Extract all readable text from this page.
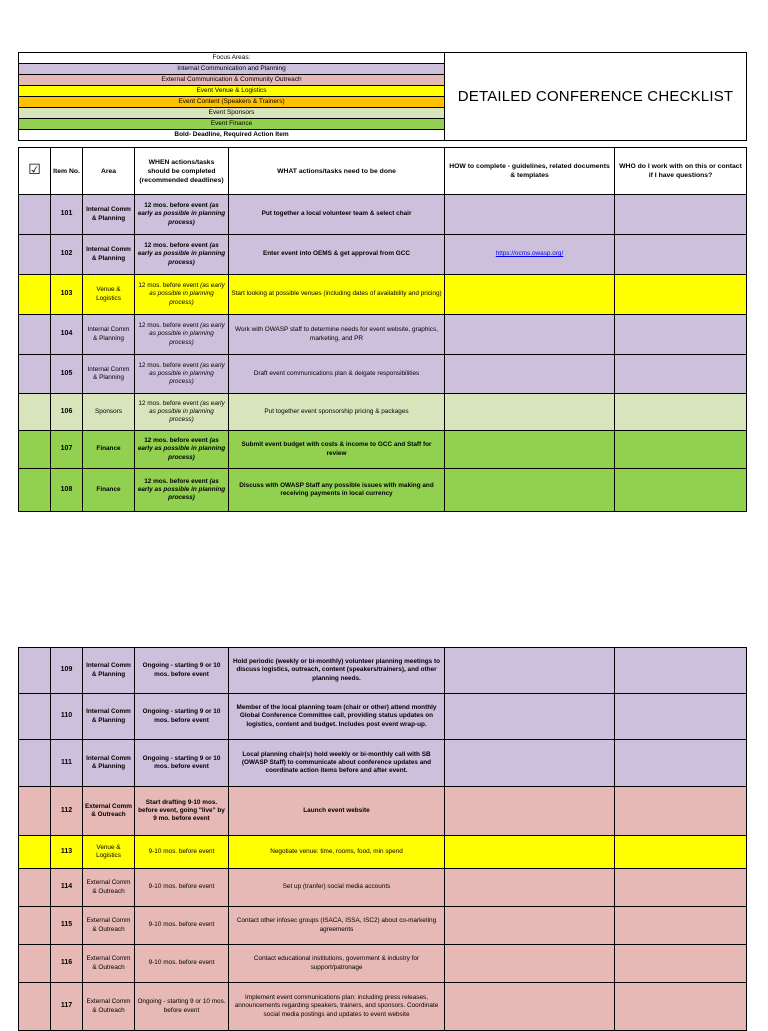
Focus Areas:	DETAILED CONFERENCE CHECKLIST
Internal Communication and Planning
External Communication & Community Outreach
Event Venue & Logistics
Event Content (Speakers & Trainers)
Event Sponsors
Event Finance
Bold- Deadline, Required Action Item
☑	Item No.	Area	WHEN actions/tasks should be completed (recommended deadlines)	WHAT actions/tasks need to be done	HOW to complete - guidelines, related documents & templates	WHO do I work with on this or contact if I have questions?
	101	Internal Comm & Planning	12 mos. before event (as early as possible in planning process)	Put together a local volunteer team & select chair		
	102	Internal Comm & Planning	12 mos. before event (as early as possible in planning process)	Enter event into OEMS & get approval from GCC	https://ocms.owasp.org/	
	103	Venue & Logistics	12 mos. before event (as early as possible in planning process)	Start looking at possible venues (including dates of availability and pricing)		
	104	Internal Comm & Planning	12 mos. before event (as early as possible in planning process)	Work with OWASP staff to determine needs for event website, graphics, marketing, and PR		
	105	Internal Comm & Planning	12 mos. before event (as early as possible in planning process)	Draft event communications plan & deigate responsibilities		
	106	Sponsors	12 mos. before event (as early as possible in planning process)	Put together event sponsorship pricing & packages		
	107	Finance	12 mos. before event (as early as possible in planning process)	Submit event budget with costs & income to GCC and Staff for review		
	108	Finance	12 mos. before event (as early as possible in planning process)	Discuss with OWASP Staff any possible issues with making and receiving payments in local currency		
	109	Internal Comm & Planning	Ongoing - starting 9 or 10 mos. before event	Hold periodic (weekly or bi-monthly) volunteer planning meetings to discuss logistics, outreach, content (speakers/trainers), and other planning needs.		
	110	Internal Comm & Planning	Ongoing - starting 9 or 10 mos. before event	Member of the local planning team (chair or other) attend monthly Global Conference Committee call, providing status updates on logistics, content and budget. Includes post event wrap-up.		
	111	Internal Comm & Planning	Ongoing - starting 9 or 10 mos. before event	Local planning chair(s) hold weekly or bi-monthly call with SB (OWASP Staff) to communicate about conference updates and coordinate action items before and after event.		
	112	External Comm & Outreach	Start drafting 9-10 mos. before event, going "live" by 9 mo. before event	Launch event website		
	113	Venue & Logistics	9-10 mos. before event	Negotiate venue: time, rooms, food, min spend		
	114	External Comm & Outreach	9-10 mos. before event	Set up (tranfer) social media accounts		
	115	External Comm & Outreach	9-10 mos. before event	Contact other infosec groups (ISACA, ISSA, ISC2) about co-marketing agreements		
	116	External Comm & Outreach	9-10 mos. before event	Contact educational institutions, government & industry for support/patronage		
	117	External Comm & Outreach	Ongoing - starting 9 or 10 mos. before event	Implement event communications plan: including press releases, announcements regarding speakers, trainers, and sponsors. Coordinate social media postings and updates to event website		
